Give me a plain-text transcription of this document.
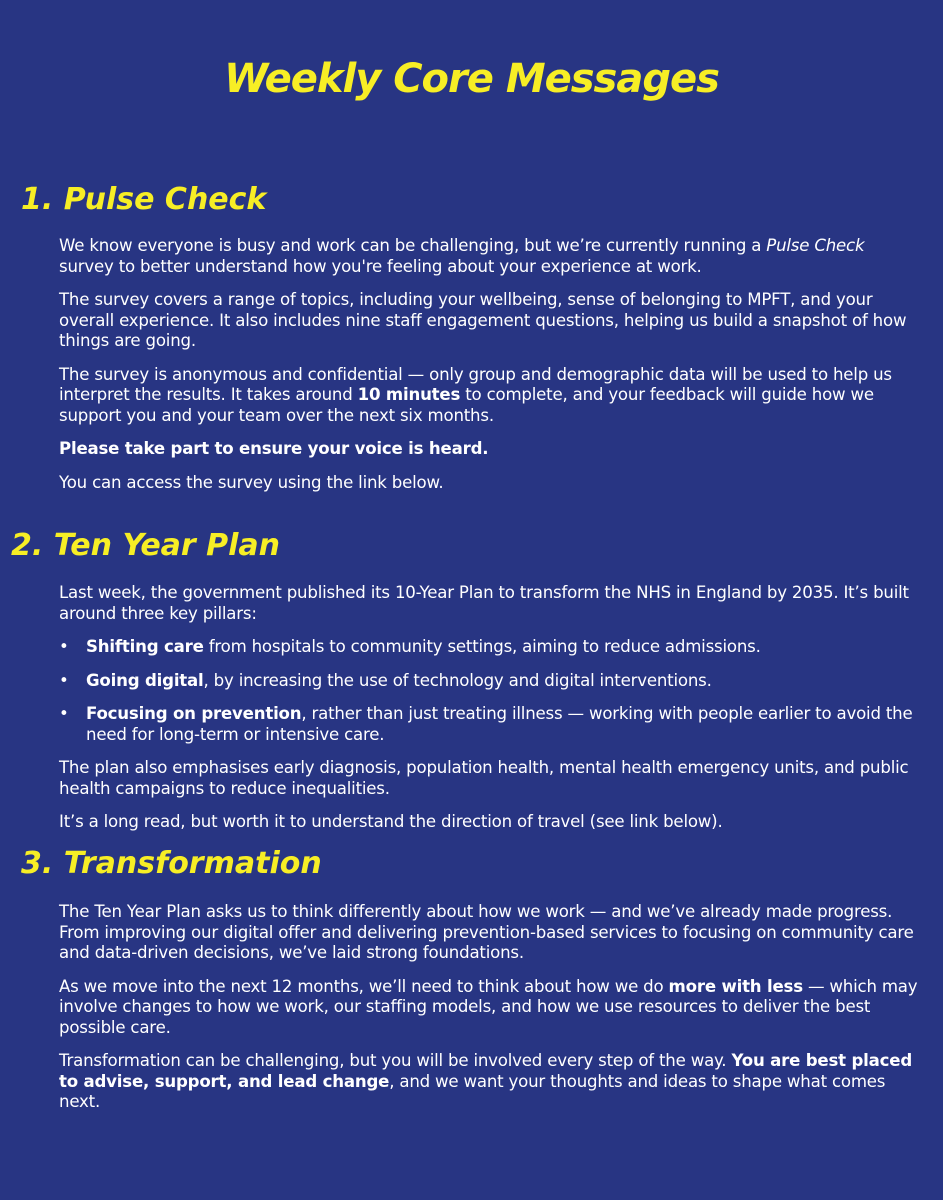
Weekly Core Messages
1. Pulse Check

We know everyone is busy and work can be challenging, but we’re currently running a Pulse Check survey to better understand how you're feeling about your experience at work.

The survey covers a range of topics, including your wellbeing, sense of belonging to MPFT, and your overall experience. It also includes nine staff engagement questions, helping us build a snapshot of how things are going.

The survey is anonymous and confidential — only group and demographic data will be used to help us interpret the results. It takes around 10 minutes to complete, and your feedback will guide how we support you and your team over the next six months.

Please take part to ensure your voice is heard.

You can access the survey using the link below.

2. Ten Year Plan

Last week, the government published its 10-Year Plan to transform the NHS in England by 2035. It’s built around three key pillars:

• Shifting care from hospitals to community settings, aiming to reduce admissions.
• Going digital, by increasing the use of technology and digital interventions.
• Focusing on prevention, rather than just treating illness — working with people earlier to avoid the need for long-term or intensive care.

The plan also emphasises early diagnosis, population health, mental health emergency units, and public health campaigns to reduce inequalities.

It’s a long read, but worth it to understand the direction of travel (see link below).

3. Transformation

The Ten Year Plan asks us to think differently about how we work — and we’ve already made progress. From improving our digital offer and delivering prevention-based services to focusing on community care and data-driven decisions, we’ve laid strong foundations.

As we move into the next 12 months, we’ll need to think about how we do more with less — which may involve changes to how we work, our staffing models, and how we use resources to deliver the best possible care.

Transformation can be challenging, but you will be involved every step of the way. You are best placed to advise, support, and lead change, and we want your thoughts and ideas to shape what comes next.
